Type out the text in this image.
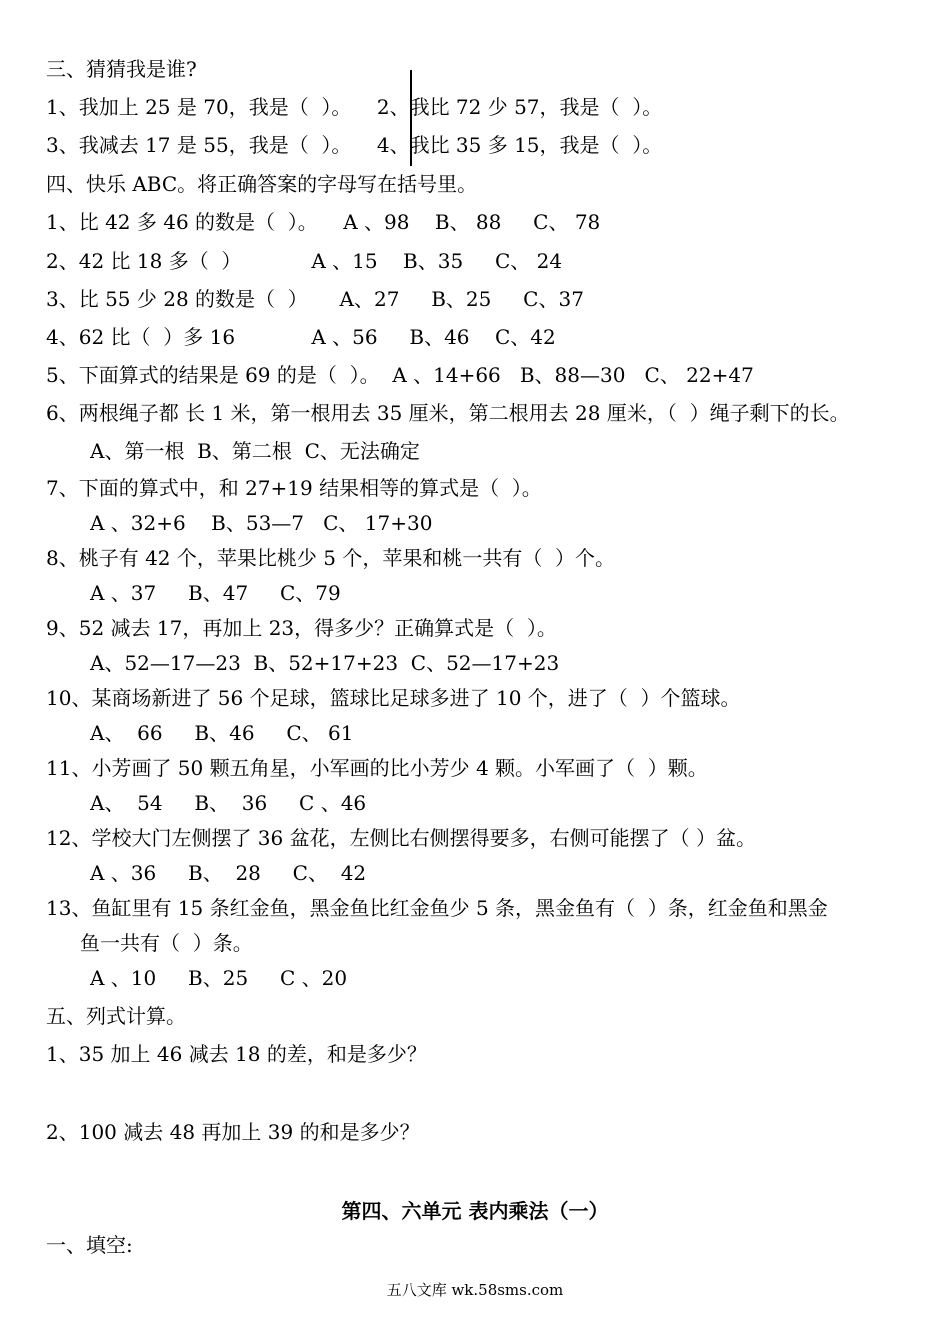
三、猜猜我是谁?
1、我加上 25 是 70，我是（  ）。    2、我比 72 少 57，我是（  ）。
3、我减去 17 是 55，我是（  ）。    4、我比 35 多 15，我是（  ）。
四、快乐 ABC。将正确答案的字母写在括号里。
1、比 42 多 46 的数是（  ）。    A 、98    B、 88     C、 78
2、42 比 18 多（  ）           A 、15    B、35     C、 24
3、比 55 少 28 的数是（  ）     A、27     B、25     C、37
4、62 比（  ）多 16            A 、56     B、46    C、42
5、下面算式的结果是 69 的是（  ）。  A 、14+66   B、88—30   C、 22+47
6、两根绳子都 长 1 米，第一根用去 35 厘米，第二根用去 28 厘米，（  ）绳子剩下的长。
A、第一根  B、第二根  C、无法确定
7、下面的算式中，和 27+19 结果相等的算式是（  ）。
A 、32+6    B、53—7   C、 17+30
8、桃子有 42 个，苹果比桃少 5 个，苹果和桃一共有（  ）个。
A 、37     B、47     C、79
9、52 减去 17，再加上 23，得多少？正确算式是（  ）。
A、52—17—23  B、52+17+23  C、52—17+23
10、某商场新进了 56 个足球，篮球比足球多进了 10 个，进了（  ）个篮球。
A、  66     B、46     C、 61
11、小芳画了 50 颗五角星，小军画的比小芳少 4 颗。小军画了（  ）颗。
A、  54     B、  36     C 、46
12、学校大门左侧摆了 36 盆花，左侧比右侧摆得要多，右侧可能摆了（ ）盆。
A 、36     B、  28     C、  42
13、鱼缸里有 15 条红金鱼，黑金鱼比红金鱼少 5 条，黑金鱼有（  ）条，红金鱼和黑金
鱼一共有（  ）条。
A 、10     B、25     C 、20
五、列式计算。
1、35 加上 46 减去 18 的差，和是多少？
2、100 减去 48 再加上 39 的和是多少？
第四、六单元 表内乘法（一）
一、填空:
五八文库 wk.58sms.com
